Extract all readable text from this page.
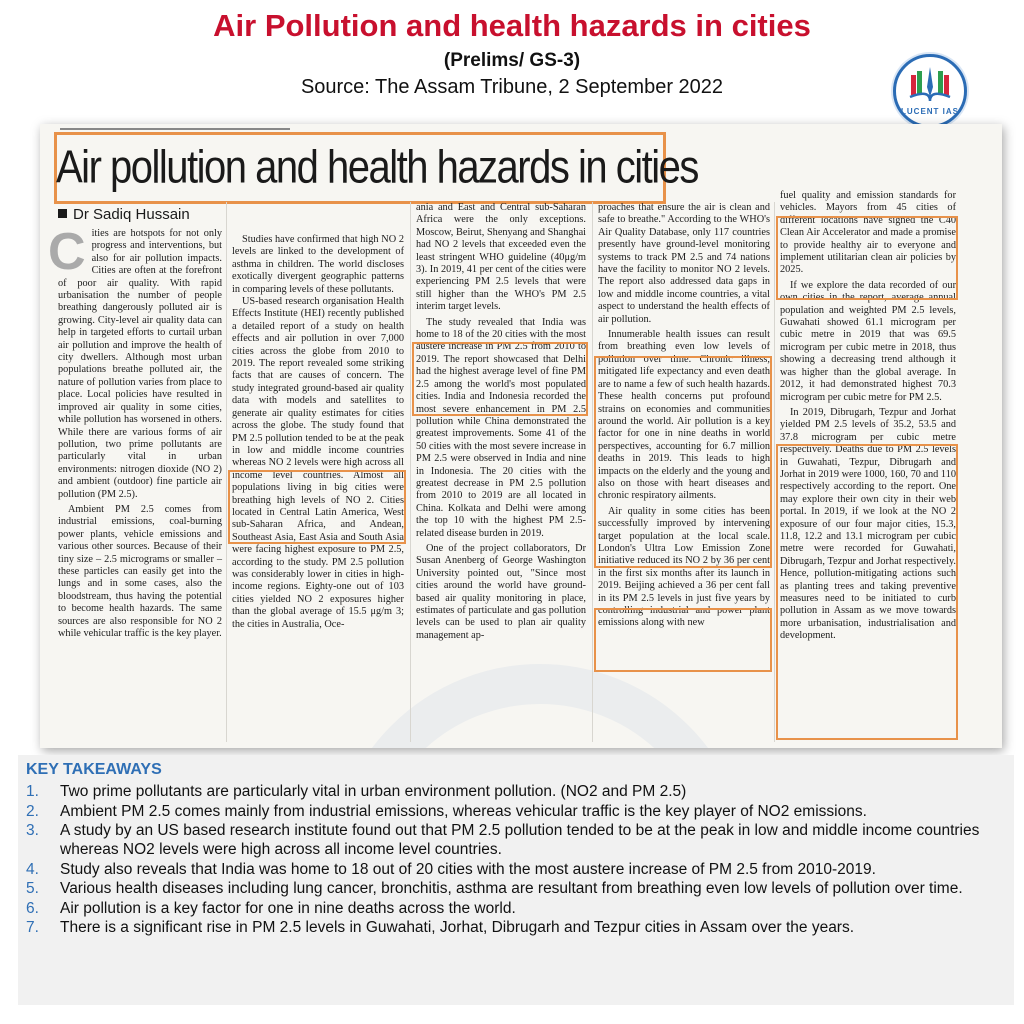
Air Pollution and health hazards in cities
(Prelims/ GS-3)
Source: The Assam Tribune, 2 September 2022
LUCENT IAS
Air pollution and health hazards in cities
Dr Sadiq Hussain

Cities are hotspots for not only progress and interventions, but also for air pollution impacts. Cities are often at the forefront of poor air quality. With rapid urbanisation the number of people breathing dangerously polluted air is growing. City-level air quality data can help in targeted efforts to curtail urban air pollution and improve the health of city dwellers. Although most urban populations breathe polluted air, the nature of pollution varies from place to place. Local policies have resulted in improved air quality in some cities, while pollution has worsened in others. While there are various forms of air pollution, two prime pollutants are particularly vital in urban environments: nitrogen dioxide (NO 2) and ambient (outdoor) fine particle air pollution (PM 2.5).

Ambient PM 2.5 comes from industrial emissions, coal-burning power plants, vehicle emissions and various other sources. Because of their tiny size – 2.5 micrograms or smaller – these particles can easily get into the lungs and in some cases, also the bloodstream, thus having the potential to become health hazards. The same sources are also responsible for NO 2 while vehicular traffic is the key player.

Studies have confirmed that high NO 2 levels are linked to the development of asthma in children. The world discloses exotically divergent geographic patterns in comparing levels of these pollutants.

US-based research organisation Health Effects Institute (HEI) recently published a detailed report of a study on health effects and air pollution in over 7,000 cities across the globe from 2010 to 2019. The report revealed some striking facts that are causes of concern. The study integrated ground-based air quality data with models and satellites to generate air quality estimates for cities across the globe. The study found that PM 2.5 pollution tended to be at the peak in low and middle income countries whereas NO 2 levels were high across all income level countries. Almost all populations living in big cities were breathing high levels of NO 2. Cities located in Central Latin America, West sub-Saharan Africa, and Andean, Southeast Asia, East Asia and South Asia were facing highest exposure to PM 2.5, according to the study. PM 2.5 pollution was considerably lower in cities in high-income regions. Eighty-one out of 103 cities yielded NO 2 exposures higher than the global average of 15.5 μg/m 3; the cities in Australia, Oce-

ania and East and Central sub-Saharan Africa were the only exceptions. Moscow, Beirut, Shenyang and Shanghai had NO 2 levels that exceeded even the least stringent WHO guideline (40μg/m 3). In 2019, 41 per cent of the cities were experiencing PM 2.5 levels that were still higher than the WHO's PM 2.5 interim target levels.

The study revealed that India was home to 18 of the 20 cities with the most austere increase in PM 2.5 from 2010 to 2019. The report showcased that Delhi had the highest average level of fine PM 2.5 among the world's most populated cities. India and Indonesia recorded the most severe enhancement in PM 2.5 pollution while China demonstrated the greatest improvements. Some 41 of the 50 cities with the most severe increase in PM 2.5 were observed in India and nine in Indonesia. The 20 cities with the greatest decrease in PM 2.5 pollution from 2010 to 2019 are all located in China. Kolkata and Delhi were among the top 10 with the highest PM 2.5-related disease burden in 2019.

One of the project collaborators, Dr Susan Anenberg of George Washington University pointed out, "Since most cities around the world have ground-based air quality monitoring in place, estimates of particulate and gas pollution levels can be used to plan air quality management ap-

proaches that ensure the air is clean and safe to breathe." According to the WHO's Air Quality Database, only 117 countries presently have ground-level monitoring systems to track PM 2.5 and 74 nations have the facility to monitor NO 2 levels. The report also addressed data gaps in low and middle income countries, a vital aspect to understand the health effects of air pollution.

Innumerable health issues can result from breathing even low levels of pollution over time. Chronic illness, mitigated life expectancy and even death are to name a few of such health hazards. These health concerns put profound strains on economies and communities around the world. Air pollution is a key factor for one in nine deaths in world perspectives, accounting for 6.7 million deaths in 2019. This leads to high impacts on the elderly and the young and also on those with heart diseases and chronic respiratory ailments.

Air quality in some cities has been successfully improved by intervening target population at the local scale. London's Ultra Low Emission Zone initiative reduced its NO 2 by 36 per cent in the first six months after its launch in 2019. Beijing achieved a 36 per cent fall in its PM 2.5 levels in just five years by controlling industrial and power plant emissions along with new

fuel quality and emission standards for vehicles. Mayors from 45 cities of different locations have signed the C40 Clean Air Accelerator and made a promise to provide healthy air to everyone and implement utilitarian clean air policies by 2025.

If we explore the data recorded of our own cities in the report, average annual population and weighted PM 2.5 levels, Guwahati showed 61.1 microgram per cubic metre in 2019 that was 69.5 microgram per cubic metre in 2018, thus showing a decreasing trend although it was higher than the global average. In 2012, it had demonstrated highest 70.3 microgram per cubic metre for PM 2.5.

In 2019, Dibrugarh, Tezpur and Jorhat yielded PM 2.5 levels of 35.2, 53.5 and 37.8 microgram per cubic metre respectively. Deaths due to PM 2.5 levels in Guwahati, Tezpur, Dibrugarh and Jorhat in 2019 were 1000, 160, 70 and 110 respectively according to the report. One may explore their own city in their web portal. In 2019, if we look at the NO 2 exposure of our four major cities, 15.3, 11.8, 12.2 and 13.1 microgram per cubic metre were recorded for Guwahati, Dibrugarh, Tezpur and Jorhat respectively. Hence, pollution-mitigating actions such as planting trees and taking preventive measures need to be initiated to curb pollution in Assam as we move towards more urbanisation, industrialisation and development.

KEY TAKEAWAYS
1. Two prime pollutants are particularly vital in urban environment pollution. (NO2 and PM 2.5)
2. Ambient PM 2.5 comes mainly from industrial emissions, whereas vehicular traffic is the key player of NO2 emissions.
3. A study by an US based research institute found out that PM 2.5 pollution tended to be at the peak in low and middle income countries whereas NO2 levels were high across all income level countries.
4. Study also reveals that India was home to 18 out of 20 cities with the most austere increase of PM 2.5 from 2010-2019.
5. Various health diseases including lung cancer, bronchitis, asthma are resultant from breathing even low levels of pollution over time.
6. Air pollution is a key factor for one in nine deaths across the world.
7. There is a significant rise in PM 2.5 levels in Guwahati, Jorhat, Dibrugarh and Tezpur cities in Assam over the years.
